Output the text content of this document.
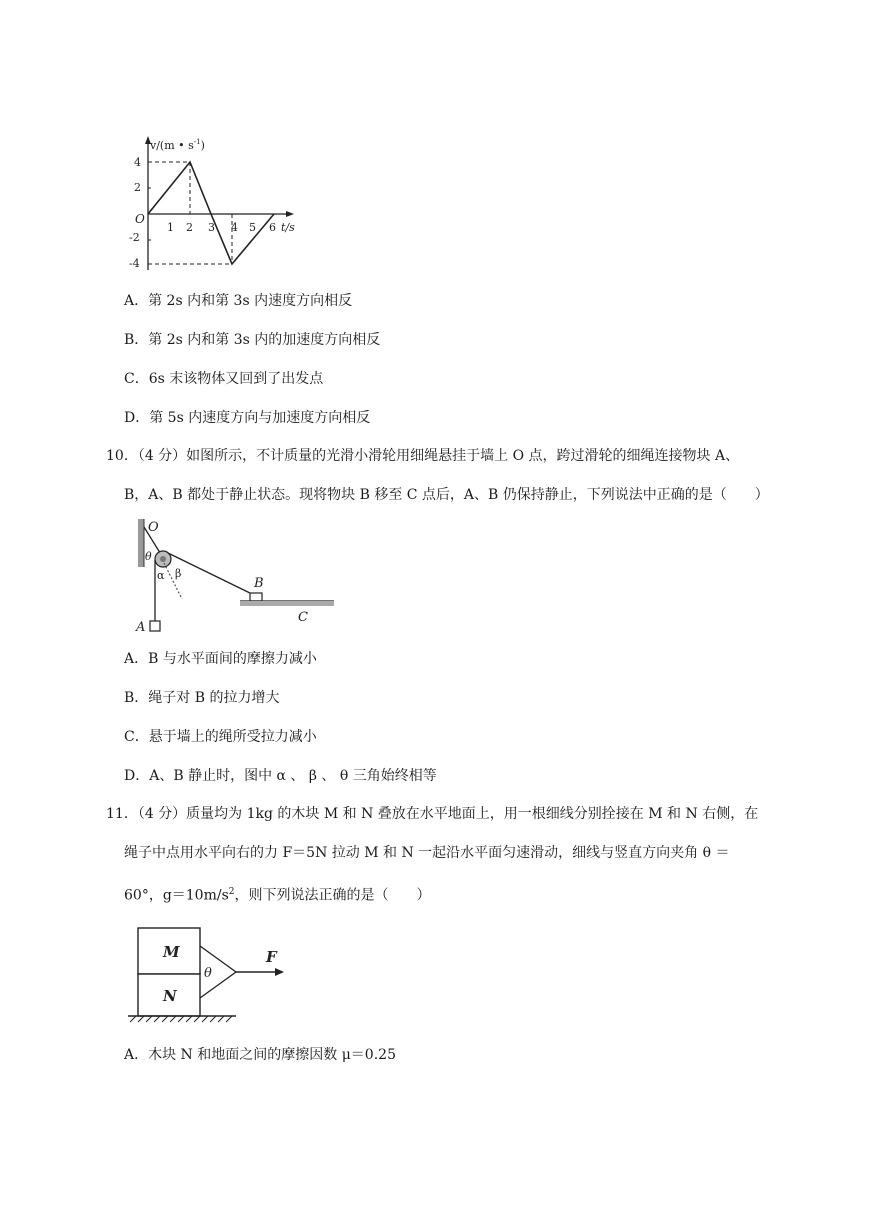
v/(m • $s^{-1}$)
t/s
O
4
2
-2
-4
1 2 3 4 5 6
A．第 2s 内和第 3s 内速度方向相反
B．第 2s 内和第 3s 内的加速度方向相反
C．6s 末该物体又回到了出发点
D．第 5s 内速度方向与加速度方向相反
10．（4 分）如图所示，不计质量的光滑小滑轮用细绳悬挂于墙上 O 点，跨过滑轮的细绳连接物块 A、
B，A、B 都处于静止状态。现将物块 B 移至 C 点后，A、B 仍保持静止，下列说法中正确的是（　　）
O
θ
A
α β
B
C
A．B 与水平面间的摩擦力减小
B．绳子对 B 的拉力增大
C．悬于墙上的绳所受拉力减小
D．A、B 静止时，图中 α 、 β 、 θ 三角始终相等
11．（4 分）质量均为 1kg 的木块 M 和 N 叠放在水平地面上，用一根细线分别拴接在 M 和 N 右侧，在
绳子中点用水平向右的力 F＝5N 拉动 M 和 N 一起沿水平面匀速滑动，细线与竖直方向夹角 θ ＝
60°，$g=10m/s^2$，则下列说法正确的是（　　）
M
N
θ
F
A．木块 N 和地面之间的摩擦因数 μ＝0.25
